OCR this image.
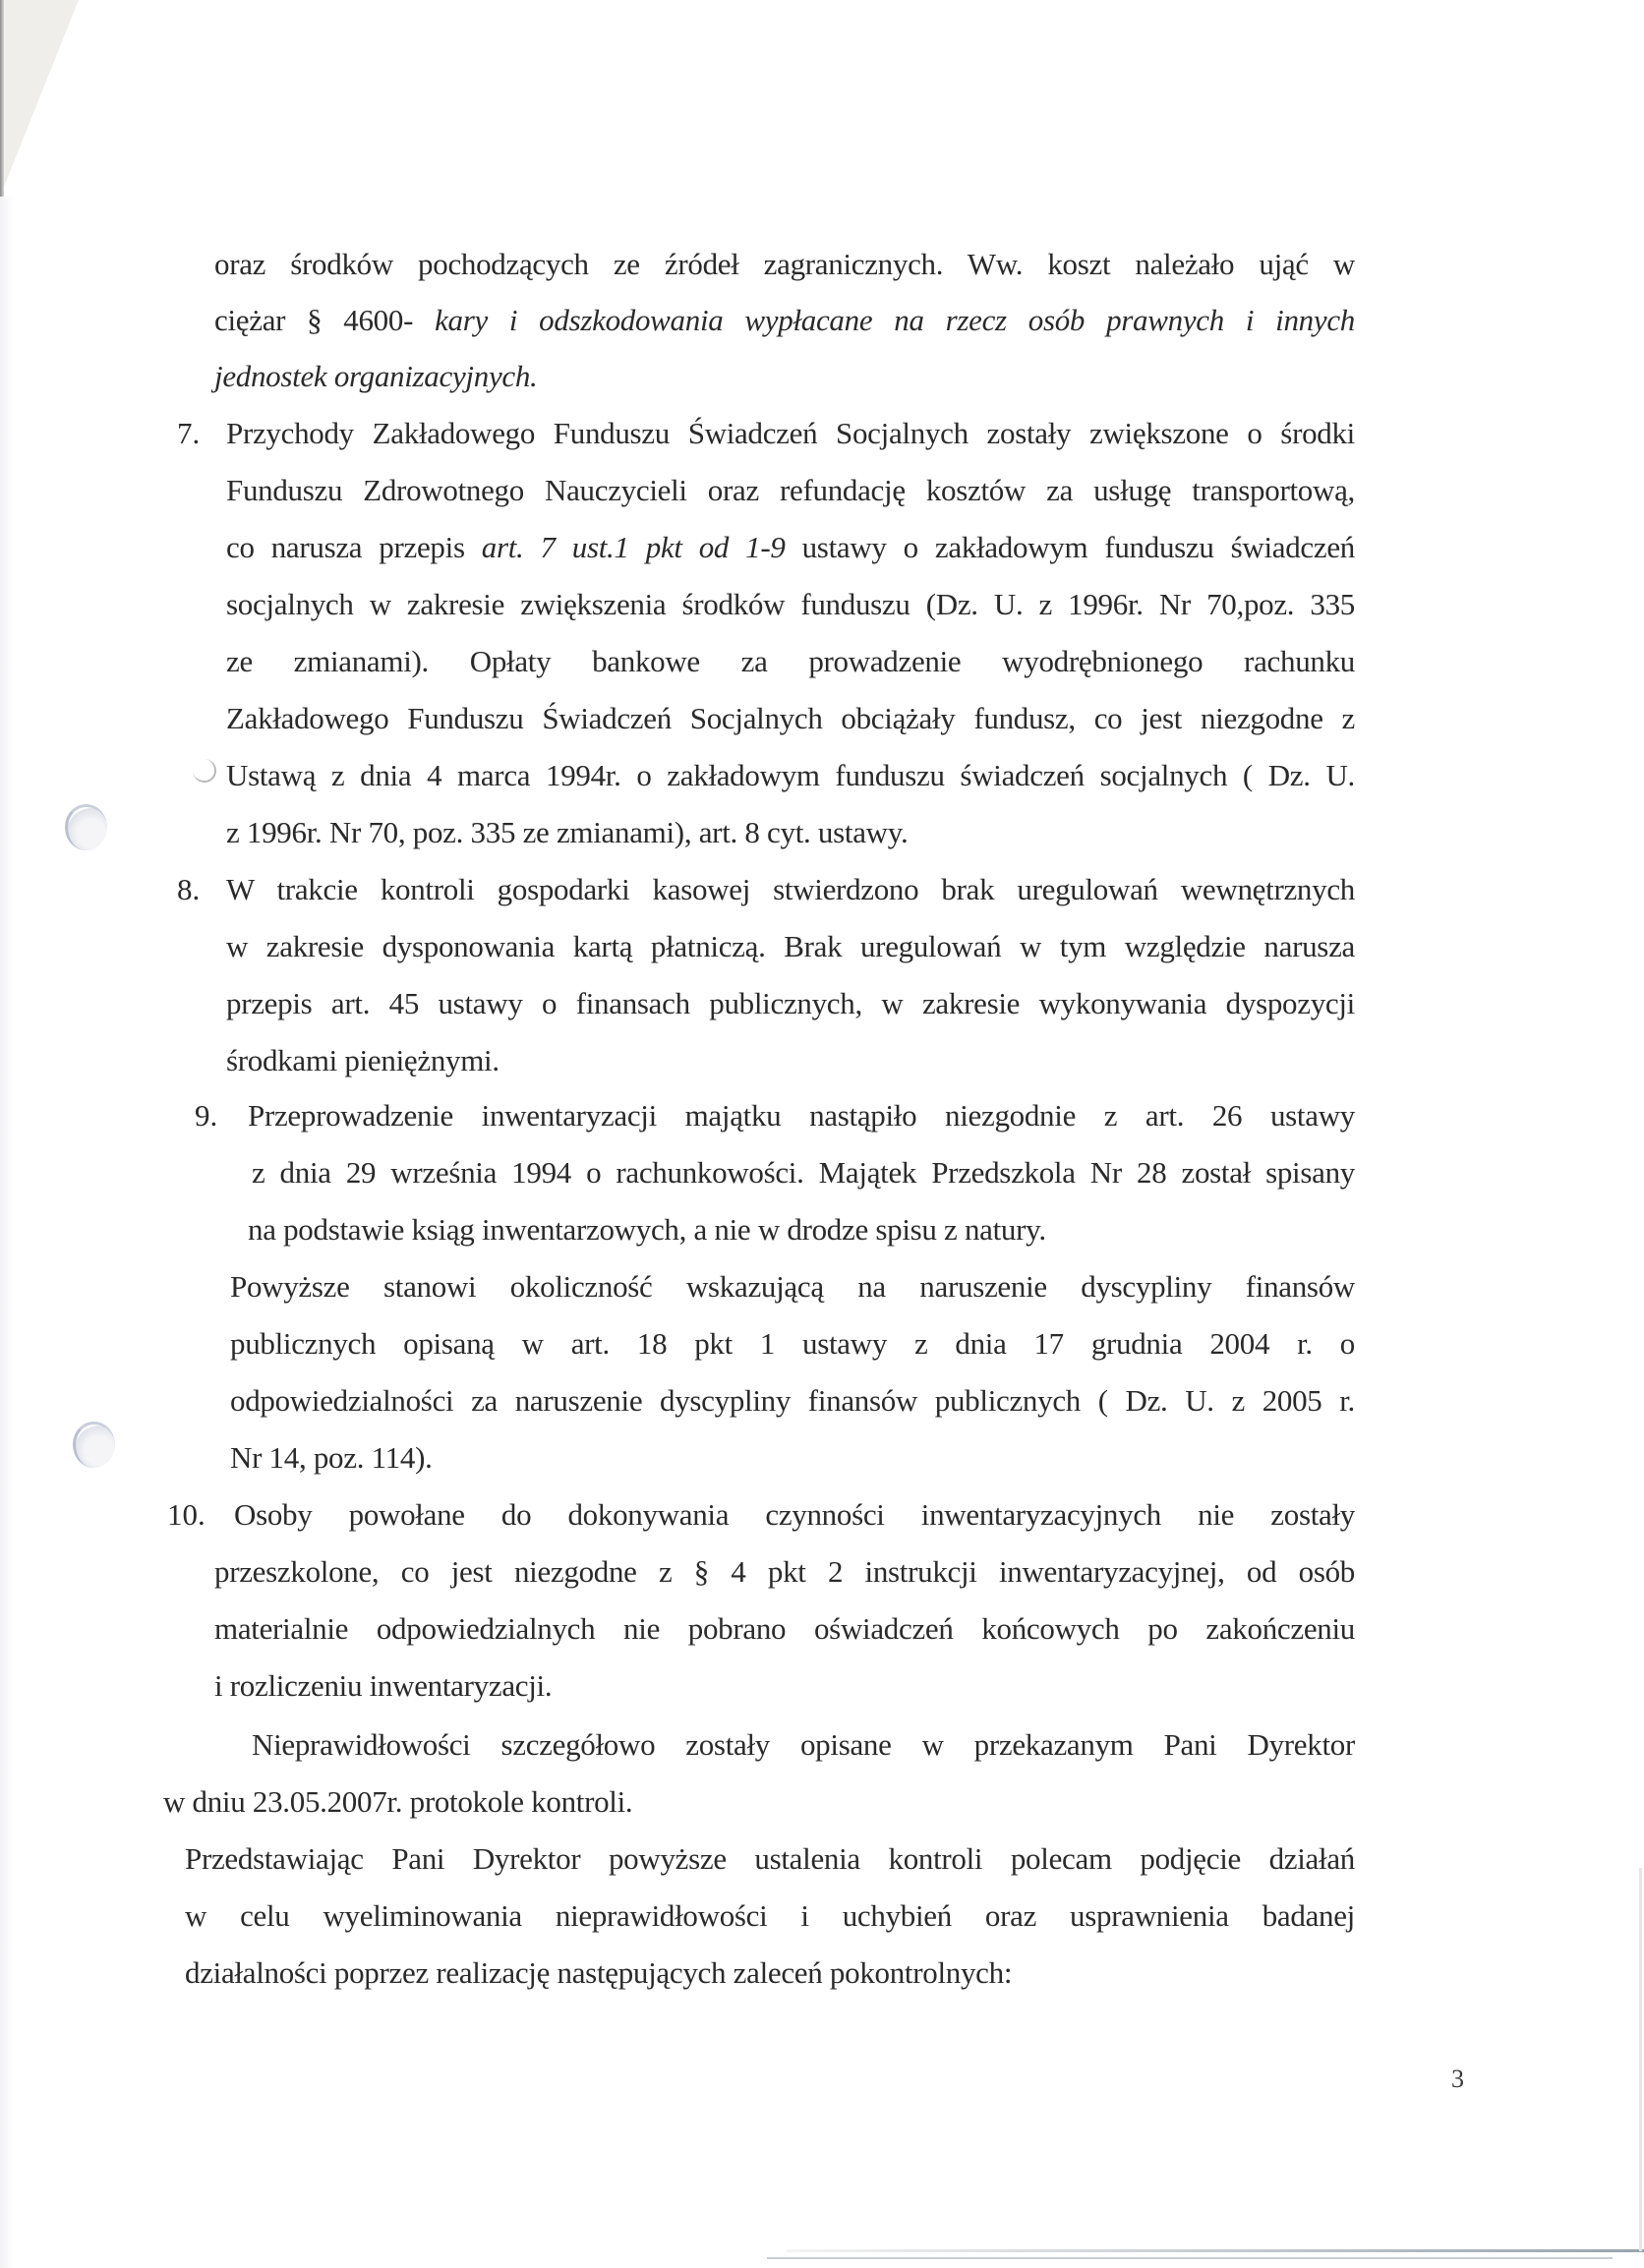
oraz środków pochodzących ze źródeł zagranicznych. Ww. koszt należało ująć w
ciężar § 4600- kary i odszkodowania wypłacane na rzecz osób prawnych i innych
jednostek organizacyjnych.
7. Przychody Zakładowego Funduszu Świadczeń Socjalnych zostały zwiększone o środki
Funduszu Zdrowotnego Nauczycieli oraz refundację kosztów za usługę transportową,
co narusza przepis art. 7 ust.1 pkt od 1-9 ustawy o zakładowym funduszu świadczeń
socjalnych w zakresie zwiększenia środków funduszu (Dz. U. z 1996r. Nr 70,poz. 335
ze zmianami). Opłaty bankowe za prowadzenie wyodrębnionego rachunku
Zakładowego Funduszu Świadczeń Socjalnych obciążały fundusz, co jest niezgodne z
Ustawą z dnia 4 marca 1994r. o zakładowym funduszu świadczeń socjalnych ( Dz. U.
z 1996r. Nr 70, poz. 335 ze zmianami), art. 8 cyt. ustawy.
8. W trakcie kontroli gospodarki kasowej stwierdzono brak uregulowań wewnętrznych
w zakresie dysponowania kartą płatniczą. Brak uregulowań w tym względzie narusza
przepis art. 45 ustawy o finansach publicznych, w zakresie wykonywania dyspozycji
środkami pieniężnymi.
9. Przeprowadzenie inwentaryzacji majątku nastąpiło niezgodnie z art. 26 ustawy
z dnia 29 września 1994 o rachunkowości. Majątek Przedszkola Nr 28 został spisany
na podstawie ksiąg inwentarzowych, a nie w drodze spisu z natury.
Powyższe stanowi okoliczność wskazującą na naruszenie dyscypliny finansów
publicznych opisaną w art. 18 pkt 1 ustawy z dnia 17 grudnia 2004 r. o
odpowiedzialności za naruszenie dyscypliny finansów publicznych ( Dz. U. z 2005 r.
Nr 14, poz. 114).
10. Osoby powołane do dokonywania czynności inwentaryzacyjnych nie zostały
przeszkolone, co jest niezgodne z § 4 pkt 2 instrukcji inwentaryzacyjnej, od osób
materialnie odpowiedzialnych nie pobrano oświadczeń końcowych po zakończeniu
i rozliczeniu inwentaryzacji.
Nieprawidłowości szczegółowo zostały opisane w przekazanym Pani Dyrektor
w dniu 23.05.2007r. protokole kontroli.
Przedstawiając Pani Dyrektor powyższe ustalenia kontroli polecam podjęcie działań
w celu wyeliminowania nieprawidłowości i uchybień oraz usprawnienia badanej
działalności poprzez realizację następujących zaleceń pokontrolnych:
3
